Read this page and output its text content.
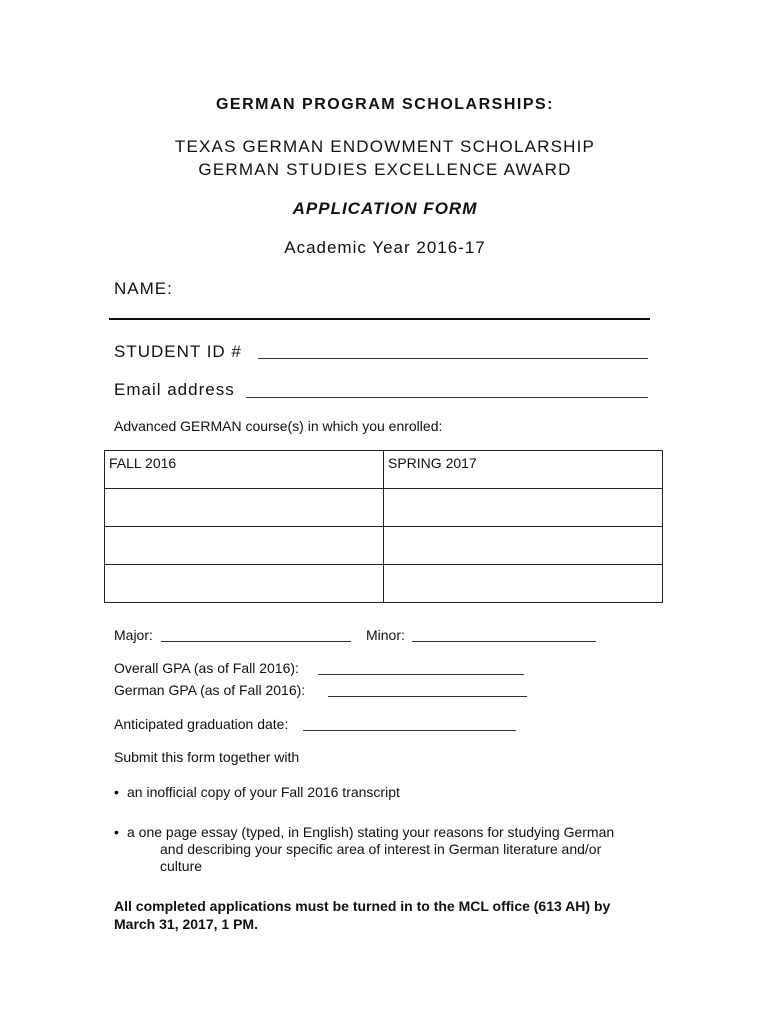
GERMAN PROGRAM SCHOLARSHIPS:
TEXAS GERMAN ENDOWMENT SCHOLARSHIP
GERMAN STUDIES EXCELLENCE AWARD
APPLICATION FORM
Academic Year 2016-17
NAME:
STUDENT ID #
Email address
Advanced GERMAN course(s) in which you enrolled:
FALL 2016	SPRING 2017

Major:	Minor:
Overall GPA (as of Fall 2016):
German GPA (as of Fall 2016):
Anticipated graduation date:
Submit this form together with
• an inofficial copy of your Fall 2016 transcript
• a one page essay (typed, in English) stating your reasons for studying German
and describing your specific area of interest in German literature and/or
culture
All completed applications must be turned in to the MCL office (613 AH) by
March 31, 2017, 1 PM.
